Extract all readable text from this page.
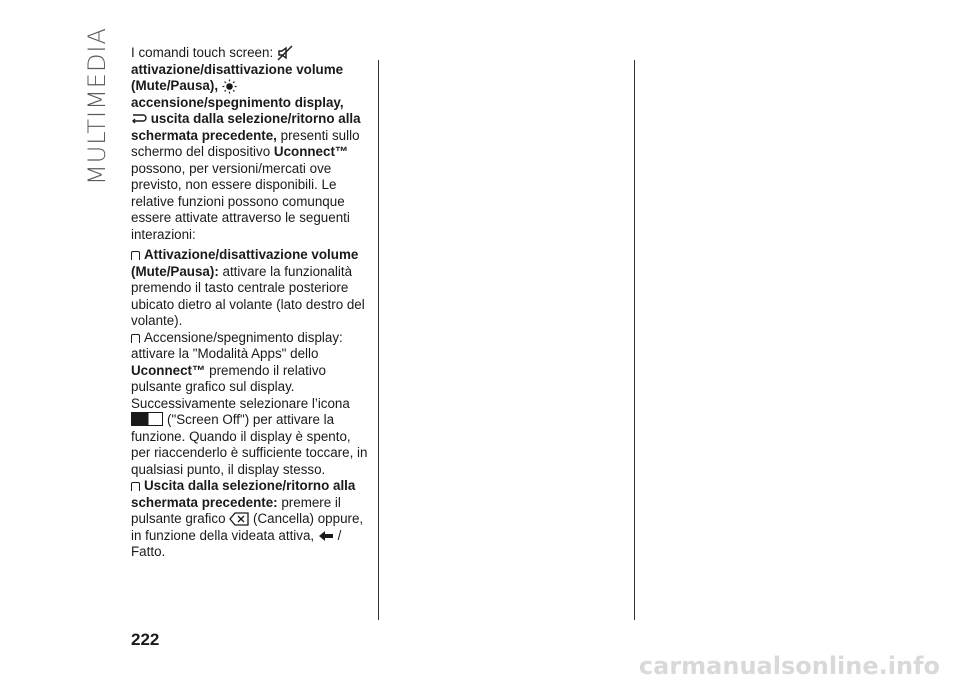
MULTIMEDIA I comandi touch screen:
attivazione/disattivazione volume (Mute/Pausa),
accensione/spegnimento display,
uscita dalla selezione/ritorno alla schermata precedente, presenti sullo schermo del dispositivo Uconnect™ possono, per versioni/mercati ove previsto, non essere disponibili. Le relative funzioni possono comunque essere attivate attraverso le seguenti interazioni:

Attivazione/disattivazione volume (Mute/Pausa): attivare la funzionalità premendo il tasto centrale posteriore ubicato dietro al volante (lato destro del volante).

Accensione/spegnimento display: attivare la "Modalità Apps" dello Uconnect™ premendo il relativo pulsante grafico sul display. Successivamente selezionare l’icona
("Screen Off") per attivare la funzione. Quando il display è spento, per riaccenderlo è sufficiente toccare, in qualsiasi punto, il display stesso.

Uscita dalla selezione/ritorno alla schermata precedente: premere il pulsante grafico  (Cancella) oppure, in funzione della videata attiva,  / Fatto.

222
carmanualsonline.info
